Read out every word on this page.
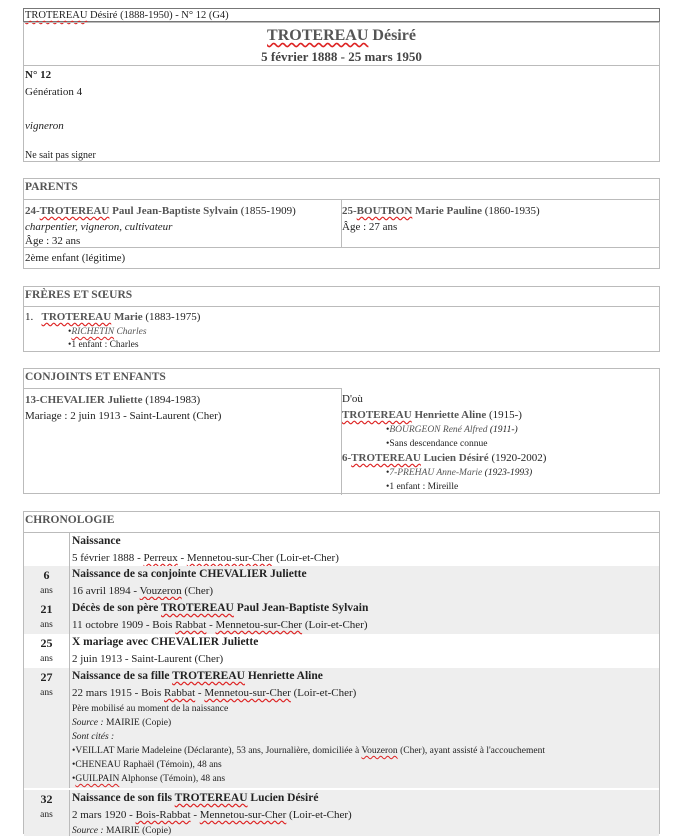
TROTEREAU Désiré (1888-1950) - N° 12 (G4)
TROTEREAU Désiré
5 février 1888 - 25 mars 1950
N° 12
Génération 4
vigneron
Ne sait pas signer
PARENTS
24-TROTEREAU Paul Jean-Baptiste Sylvain (1855-1909)
charpentier, vigneron, cultivateur
Âge : 32 ans
25-BOUTRON Marie Pauline (1860-1935)
Âge : 27 ans
2ème enfant (légitime)
FRÈRES ET SŒURS
1. TROTEREAU Marie (1883-1975)
•RICHETIN Charles
•1 enfant : Charles
CONJOINTS ET ENFANTS
13-CHEVALIER Juliette (1894-1983)
Mariage : 2 juin 1913 - Saint-Laurent (Cher)
D'où
TROTEREAU Henriette Aline (1915-)
•BOURGEON René Alfred (1911-)
•Sans descendance connue
6-TROTEREAU Lucien Désiré (1920-2002)
•7-PREHAU Anne-Marie (1923-1993)
•1 enfant : Mireille
CHRONOLOGIE
Naissance
5 février 1888 - Perreux - Mennetou-sur-Cher (Loir-et-Cher)
6
ans
Naissance de sa conjointe CHEVALIER Juliette
16 avril 1894 - Vouzeron (Cher)
21
ans
Décès de son père TROTEREAU Paul Jean-Baptiste Sylvain
11 octobre 1909 - Bois Rabbat - Mennetou-sur-Cher (Loir-et-Cher)
25
ans
X mariage avec CHEVALIER Juliette
2 juin 1913 - Saint-Laurent (Cher)
27
ans
Naissance de sa fille TROTEREAU Henriette Aline
22 mars 1915 - Bois Rabbat - Mennetou-sur-Cher (Loir-et-Cher)
Père mobilisé au moment de la naissance
Source : MAIRIE (Copie)
Sont cités :
•VEILLAT Marie Madeleine (Déclarante), 53 ans, Journalière, domiciliée à Vouzeron (Cher), ayant assisté à l'accouchement
•CHENEAU Raphaël (Témoin), 48 ans
•GUILPAIN Alphonse (Témoin), 48 ans
32
ans
Naissance de son fils TROTEREAU Lucien Désiré
2 mars 1920 - Bois-Rabbat - Mennetou-sur-Cher (Loir-et-Cher)
Source : MAIRIE (Copie)
